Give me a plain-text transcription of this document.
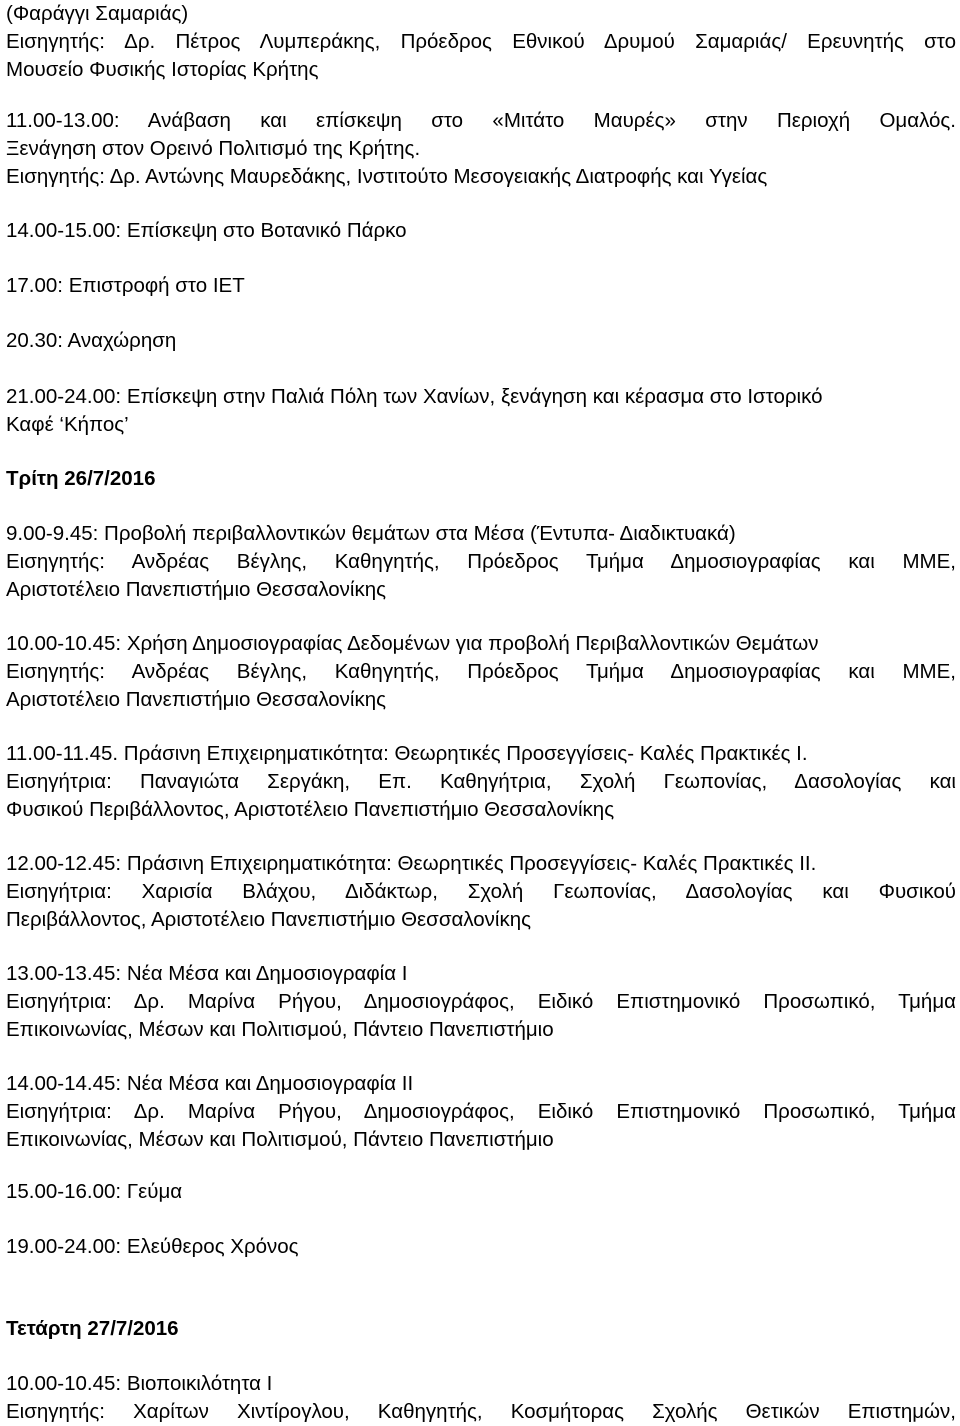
(Φαράγγι Σαμαριάς)
Εισηγητής: Δρ. Πέτρος Λυμπεράκης, Πρόεδρος Εθνικού Δρυμού Σαμαριάς/ Ερευνητής στο
Μουσείο Φυσικής Ιστορίας Κρήτης
11.00-13.00: Ανάβαση και επίσκεψη στο «Μιτάτο Μαυρές» στην Περιοχή Ομαλός.
Ξενάγηση στον Ορεινό Πολιτισμό της Κρήτης.
Εισηγητής: Δρ. Αντώνης Μαυρεδάκης, Ινστιτούτο Μεσογειακής Διατροφής και Υγείας
14.00-15.00: Επίσκεψη στο Βοτανικό Πάρκο
17.00: Επιστροφή στο ΙΕΤ
20.30: Αναχώρηση
21.00-24.00: Επίσκεψη στην Παλιά Πόλη των Χανίων, ξενάγηση και κέρασμα στο Ιστορικό
Καφέ ‘Κήπος’
Τρίτη 26/7/2016
9.00-9.45: Προβολή περιβαλλοντικών θεμάτων στα Μέσα (Έντυπα- Διαδικτυακά)
Εισηγητής: Ανδρέας Βέγλης, Καθηγητής, Πρόεδρος Τμήμα Δημοσιογραφίας και ΜΜΕ,
Αριστοτέλειο Πανεπιστήμιο Θεσσαλονίκης
10.00-10.45: Χρήση Δημοσιογραφίας Δεδομένων για προβολή Περιβαλλοντικών Θεμάτων
Εισηγητής: Ανδρέας Βέγλης, Καθηγητής, Πρόεδρος Τμήμα Δημοσιογραφίας και ΜΜΕ,
Αριστοτέλειο Πανεπιστήμιο Θεσσαλονίκης
11.00-11.45. Πράσινη Επιχειρηματικότητα: Θεωρητικές Προσεγγίσεις- Καλές Πρακτικές Ι.
Εισηγήτρια: Παναγιώτα Σεργάκη, Επ. Καθηγήτρια, Σχολή Γεωπονίας, Δασολογίας και
Φυσικού Περιβάλλοντος, Αριστοτέλειο Πανεπιστήμιο Θεσσαλονίκης
12.00-12.45: Πράσινη Επιχειρηματικότητα: Θεωρητικές Προσεγγίσεις- Καλές Πρακτικές ΙΙ.
Εισηγήτρια: Χαρισία Βλάχου, Διδάκτωρ, Σχολή Γεωπονίας, Δασολογίας και Φυσικού
Περιβάλλοντος, Αριστοτέλειο Πανεπιστήμιο Θεσσαλονίκης
13.00-13.45: Νέα Μέσα και Δημοσιογραφία Ι
Εισηγήτρια: Δρ. Μαρίνα Ρήγου, Δημοσιογράφος, Ειδικό Επιστημονικό Προσωπικό, Τμήμα
Επικοινωνίας, Μέσων και Πολιτισμού, Πάντειο Πανεπιστήμιο
14.00-14.45: Νέα Μέσα και Δημοσιογραφία ΙΙ
Εισηγήτρια: Δρ. Μαρίνα Ρήγου, Δημοσιογράφος, Ειδικό Επιστημονικό Προσωπικό, Τμήμα
Επικοινωνίας, Μέσων και Πολιτισμού, Πάντειο Πανεπιστήμιο
15.00-16.00: Γεύμα
19.00-24.00: Ελεύθερος Χρόνος
Τετάρτη 27/7/2016
10.00-10.45: Βιοποικιλότητα Ι
Εισηγητής: Χαρίτων Χιντίρογλου, Καθηγητής, Κοσμήτορας Σχολής Θετικών Επιστημών,
